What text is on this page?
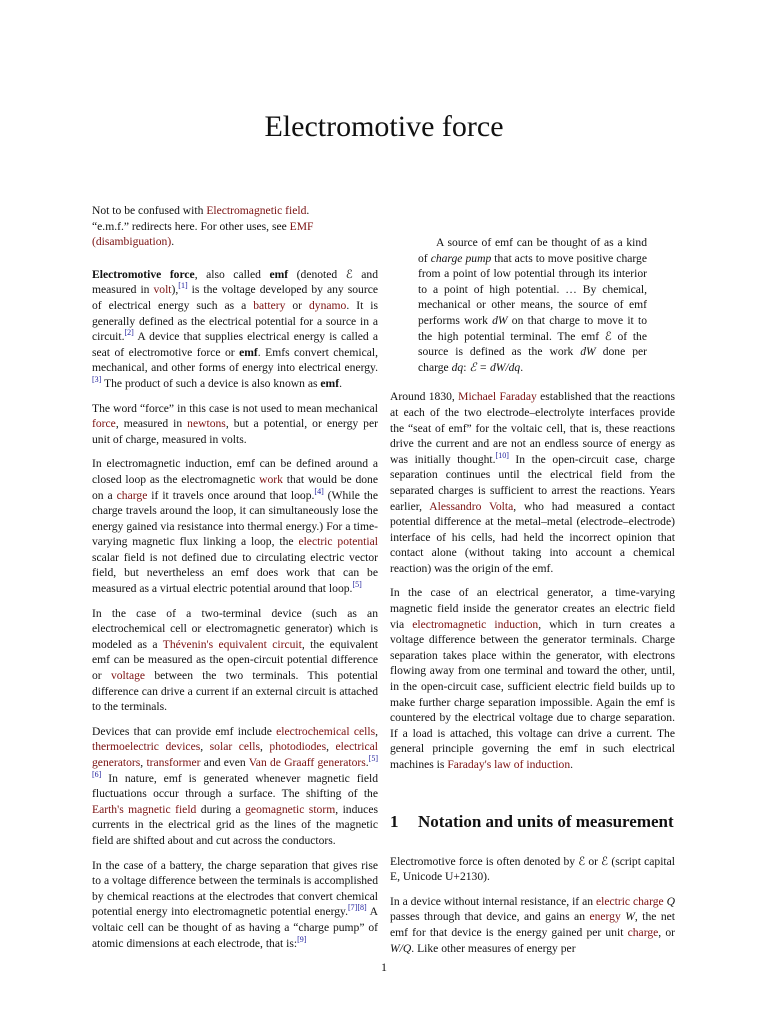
Electromotive force

Not to be confused with Electromagnetic field.

“e.m.f.” redirects here. For other uses, see EMF (disambiguation).

Electromotive force, also called emf (denoted ℰ and measured in volt),[1] is the voltage developed by any source of electrical energy such as a battery or dynamo. It is generally defined as the electrical potential for a source in a circuit.[2] A device that supplies electrical energy is called a seat of electromotive force or emf. Emfs convert chemical, mechanical, and other forms of energy into electrical energy.[3] The product of such a device is also known as emf.

The word “force” in this case is not used to mean mechanical force, measured in newtons, but a potential, or energy per unit of charge, measured in volts.

In electromagnetic induction, emf can be defined around a closed loop as the electromagnetic work that would be done on a charge if it travels once around that loop.[4] (While the charge travels around the loop, it can simultaneously lose the energy gained via resistance into thermal energy.) For a time-varying magnetic flux linking a loop, the electric potential scalar field is not defined due to circulating electric vector field, but nevertheless an emf does work that can be measured as a virtual electric potential around that loop.[5]

In the case of a two-terminal device (such as an electrochemical cell or electromagnetic generator) which is modeled as a Thévenin's equivalent circuit, the equivalent emf can be measured as the open-circuit potential difference or voltage between the two terminals. This potential difference can drive a current if an external circuit is attached to the terminals.

Devices that can provide emf include electrochemical cells, thermoelectric devices, solar cells, photodiodes, electrical generators, transformer and even Van de Graaff generators.[5][6] In nature, emf is generated whenever magnetic field fluctuations occur through a surface. The shifting of the Earth's magnetic field during a geomagnetic storm, induces currents in the electrical grid as the lines of the magnetic field are shifted about and cut across the conductors.

In the case of a battery, the charge separation that gives rise to a voltage difference between the terminals is accomplished by chemical reactions at the electrodes that convert chemical potential energy into electromagnetic potential energy.[7][8] A voltaic cell can be thought of as having a “charge pump” of atomic dimensions at each electrode, that is:[9]

A source of emf can be thought of as a kind of charge pump that acts to move positive charge from a point of low potential through its interior to a point of high potential. … By chemical, mechanical or other means, the source of emf performs work dW on that charge to move it to the high potential terminal. The emf ℰ of the source is defined as the work dW done per charge dq: ℰ = dW/dq.

Around 1830, Michael Faraday established that the reactions at each of the two electrode–electrolyte interfaces provide the “seat of emf” for the voltaic cell, that is, these reactions drive the current and are not an endless source of energy as was initially thought.[10] In the open-circuit case, charge separation continues until the electrical field from the separated charges is sufficient to arrest the reactions. Years earlier, Alessandro Volta, who had measured a contact potential difference at the metal–metal (electrode–electrode) interface of his cells, had held the incorrect opinion that contact alone (without taking into account a chemical reaction) was the origin of the emf.

In the case of an electrical generator, a time-varying magnetic field inside the generator creates an electric field via electromagnetic induction, which in turn creates a voltage difference between the generator terminals. Charge separation takes place within the generator, with electrons flowing away from one terminal and toward the other, until, in the open-circuit case, sufficient electric field builds up to make further charge separation impossible. Again the emf is countered by the electrical voltage due to charge separation. If a load is attached, this voltage can drive a current. The general principle governing the emf in such electrical machines is Faraday's law of induction.

1	Notation and units of measurement

Electromotive force is often denoted by ℰ or ℰ (script capital E, Unicode U+2130).

In a device without internal resistance, if an electric charge Q passes through that device, and gains an energy W, the net emf for that device is the energy gained per unit charge, or W/Q. Like other measures of energy per

1
